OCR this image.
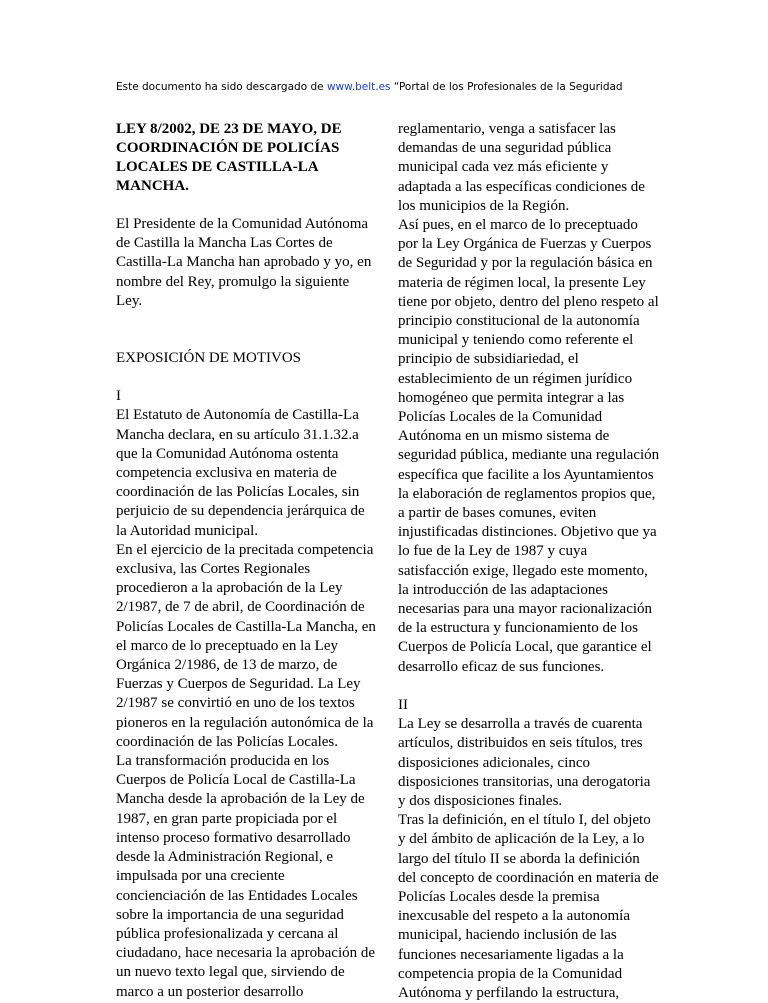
Este documento ha sido descargado de www.belt.es “Portal de los Profesionales de la Seguridad

LEY 8/2002, DE 23 DE MAYO, DE COORDINACIÓN DE POLICÍAS LOCALES DE CASTILLA-LA MANCHA.

El Presidente de la Comunidad Autónoma de Castilla la Mancha Las Cortes de Castilla-La Mancha han aprobado y yo, en nombre del Rey, promulgo la siguiente Ley.

EXPOSICIÓN DE MOTIVOS

I

El Estatuto de Autonomía de Castilla-La Mancha declara, en su artículo 31.1.32.a que la Comunidad Autónoma ostenta competencia exclusiva en materia de coordinación de las Policías Locales, sin perjuicio de su dependencia jerárquica de la Autoridad municipal.

En el ejercicio de la precitada competencia exclusiva, las Cortes Regionales procedieron a la aprobación de la Ley 2/1987, de 7 de abril, de Coordinación de Policías Locales de Castilla-La Mancha, en el marco de lo preceptuado en la Ley Orgánica 2/1986, de 13 de marzo, de Fuerzas y Cuerpos de Seguridad. La Ley 2/1987 se convirtió en uno de los textos pioneros en la regulación autonómica de la coordinación de las Policías Locales.

La transformación producida en los Cuerpos de Policía Local de Castilla-La Mancha desde la aprobación de la Ley de 1987, en gran parte propiciada por el intenso proceso formativo desarrollado desde la Administración Regional, e impulsada por una creciente concienciación de las Entidades Locales sobre la importancia de una seguridad pública profesionalizada y cercana al ciudadano, hace necesaria la aprobación de un nuevo texto legal que, sirviendo de marco a un posterior desarrollo

reglamentario, venga a satisfacer las demandas de una seguridad pública municipal cada vez más eficiente y adaptada a las específicas condiciones de los municipios de la Región.

Así pues, en el marco de lo preceptuado por la Ley Orgánica de Fuerzas y Cuerpos de Seguridad y por la regulación básica en materia de régimen local, la presente Ley tiene por objeto, dentro del pleno respeto al principio constitucional de la autonomía municipal y teniendo como referente el principio de subsidiariedad, el establecimiento de un régimen jurídico homogéneo que permita integrar a las Policías Locales de la Comunidad Autónoma en un mismo sistema de seguridad pública, mediante una regulación específica que facilite a los Ayuntamientos la elaboración de reglamentos propios que, a partir de bases comunes, eviten injustificadas distinciones. Objetivo que ya lo fue de la Ley de 1987 y cuya satisfacción exige, llegado este momento, la introducción de las adaptaciones necesarias para una mayor racionalización de la estructura y funcionamiento de los Cuerpos de Policía Local, que garantice el desarrollo eficaz de sus funciones.

II

La Ley se desarrolla a través de cuarenta artículos, distribuidos en seis títulos, tres disposiciones adicionales, cinco disposiciones transitorias, una derogatoria y dos disposiciones finales.

Tras la definición, en el título I, del objeto y del ámbito de aplicación de la Ley, a lo largo del título II se aborda la definición del concepto de coordinación en materia de Policías Locales desde la premisa inexcusable del respeto a la autonomía municipal, haciendo inclusión de las funciones necesariamente ligadas a la competencia propia de la Comunidad Autónoma y perfilando la estructura,
